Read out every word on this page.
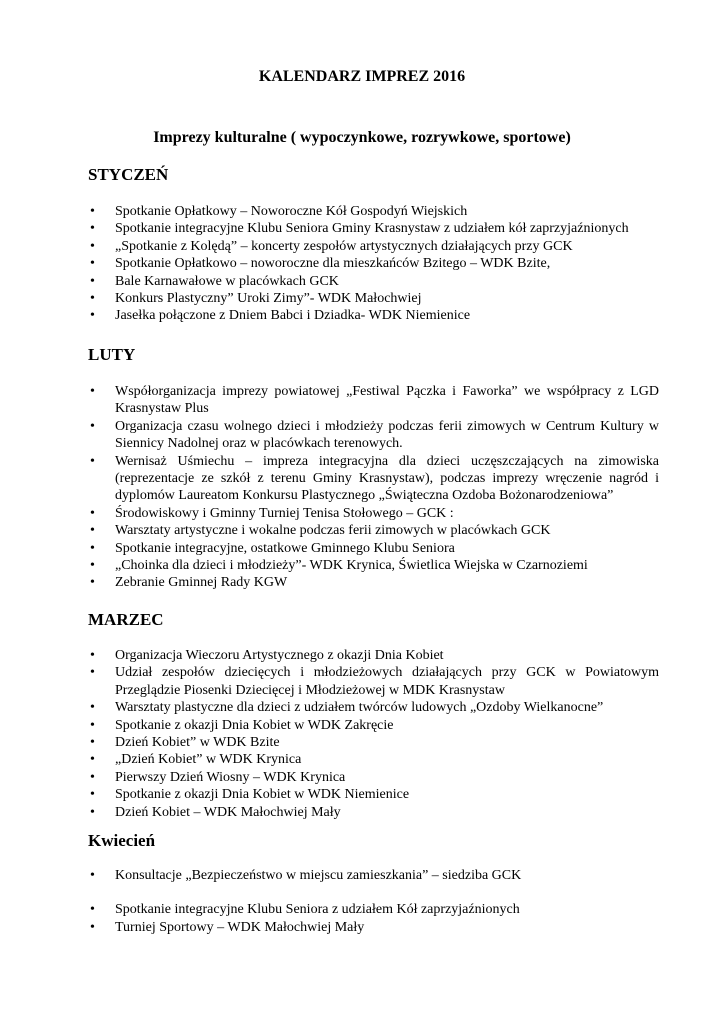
KALENDARZ IMPREZ 2016
Imprezy kulturalne ( wypoczynkowe, rozrywkowe, sportowe)
STYCZEŃ
• Spotkanie Opłatkowy – Noworoczne Kół Gospodyń Wiejskich
• Spotkanie integracyjne Klubu Seniora Gminy Krasnystaw z udziałem kół zaprzyjaźnionych
• „Spotkanie z Kolędą” – koncerty zespołów artystycznych działających przy GCK
• Spotkanie Opłatkowo – noworoczne dla mieszkańców Bzitego – WDK Bzite,
• Bale Karnawałowe w placówkach GCK
• Konkurs Plastyczny” Uroki Zimy”- WDK Małochwiej
• Jasełka połączone z Dniem Babci i Dziadka- WDK Niemienice
LUTY
• Współorganizacja imprezy powiatowej „Festiwal Pączka i Faworka” we współpracy z LGD Krasnystaw Plus
• Organizacja czasu wolnego dzieci i młodzieży podczas ferii zimowych w Centrum Kultury w Siennicy Nadolnej oraz w placówkach terenowych.
• Wernisaż Uśmiechu – impreza integracyjna dla dzieci uczęszczających na zimowiska (reprezentacje ze szkół z terenu Gminy Krasnystaw), podczas imprezy wręczenie nagród i dyplomów Laureatom Konkursu Plastycznego „Świąteczna Ozdoba Bożonarodzeniowa”
• Środowiskowy i Gminny Turniej Tenisa Stołowego – GCK :
• Warsztaty artystyczne i wokalne podczas ferii zimowych w placówkach GCK
• Spotkanie integracyjne, ostatkowe Gminnego Klubu Seniora
• „Choinka dla dzieci i młodzieży”- WDK Krynica, Świetlica Wiejska w Czarnoziemi
• Zebranie Gminnej Rady KGW
MARZEC
• Organizacja Wieczoru Artystycznego z okazji Dnia Kobiet
• Udział zespołów dziecięcych i młodzieżowych działających przy GCK w Powiatowym Przeglądzie Piosenki Dziecięcej i Młodzieżowej w MDK Krasnystaw
• Warsztaty plastyczne dla dzieci z udziałem twórców ludowych „Ozdoby Wielkanocne”
• Spotkanie z okazji Dnia Kobiet w WDK Zakręcie
• Dzień Kobiet” w WDK Bzite
• „Dzień Kobiet” w WDK Krynica
• Pierwszy Dzień Wiosny – WDK Krynica
• Spotkanie z okazji Dnia Kobiet w WDK Niemienice
• Dzień Kobiet – WDK Małochwiej Mały
Kwiecień
• Konsultacje „Bezpieczeństwo w miejscu zamieszkania” – siedziba GCK
• Spotkanie integracyjne Klubu Seniora z udziałem Kół zaprzyjaźnionych
• Turniej Sportowy – WDK Małochwiej Mały
